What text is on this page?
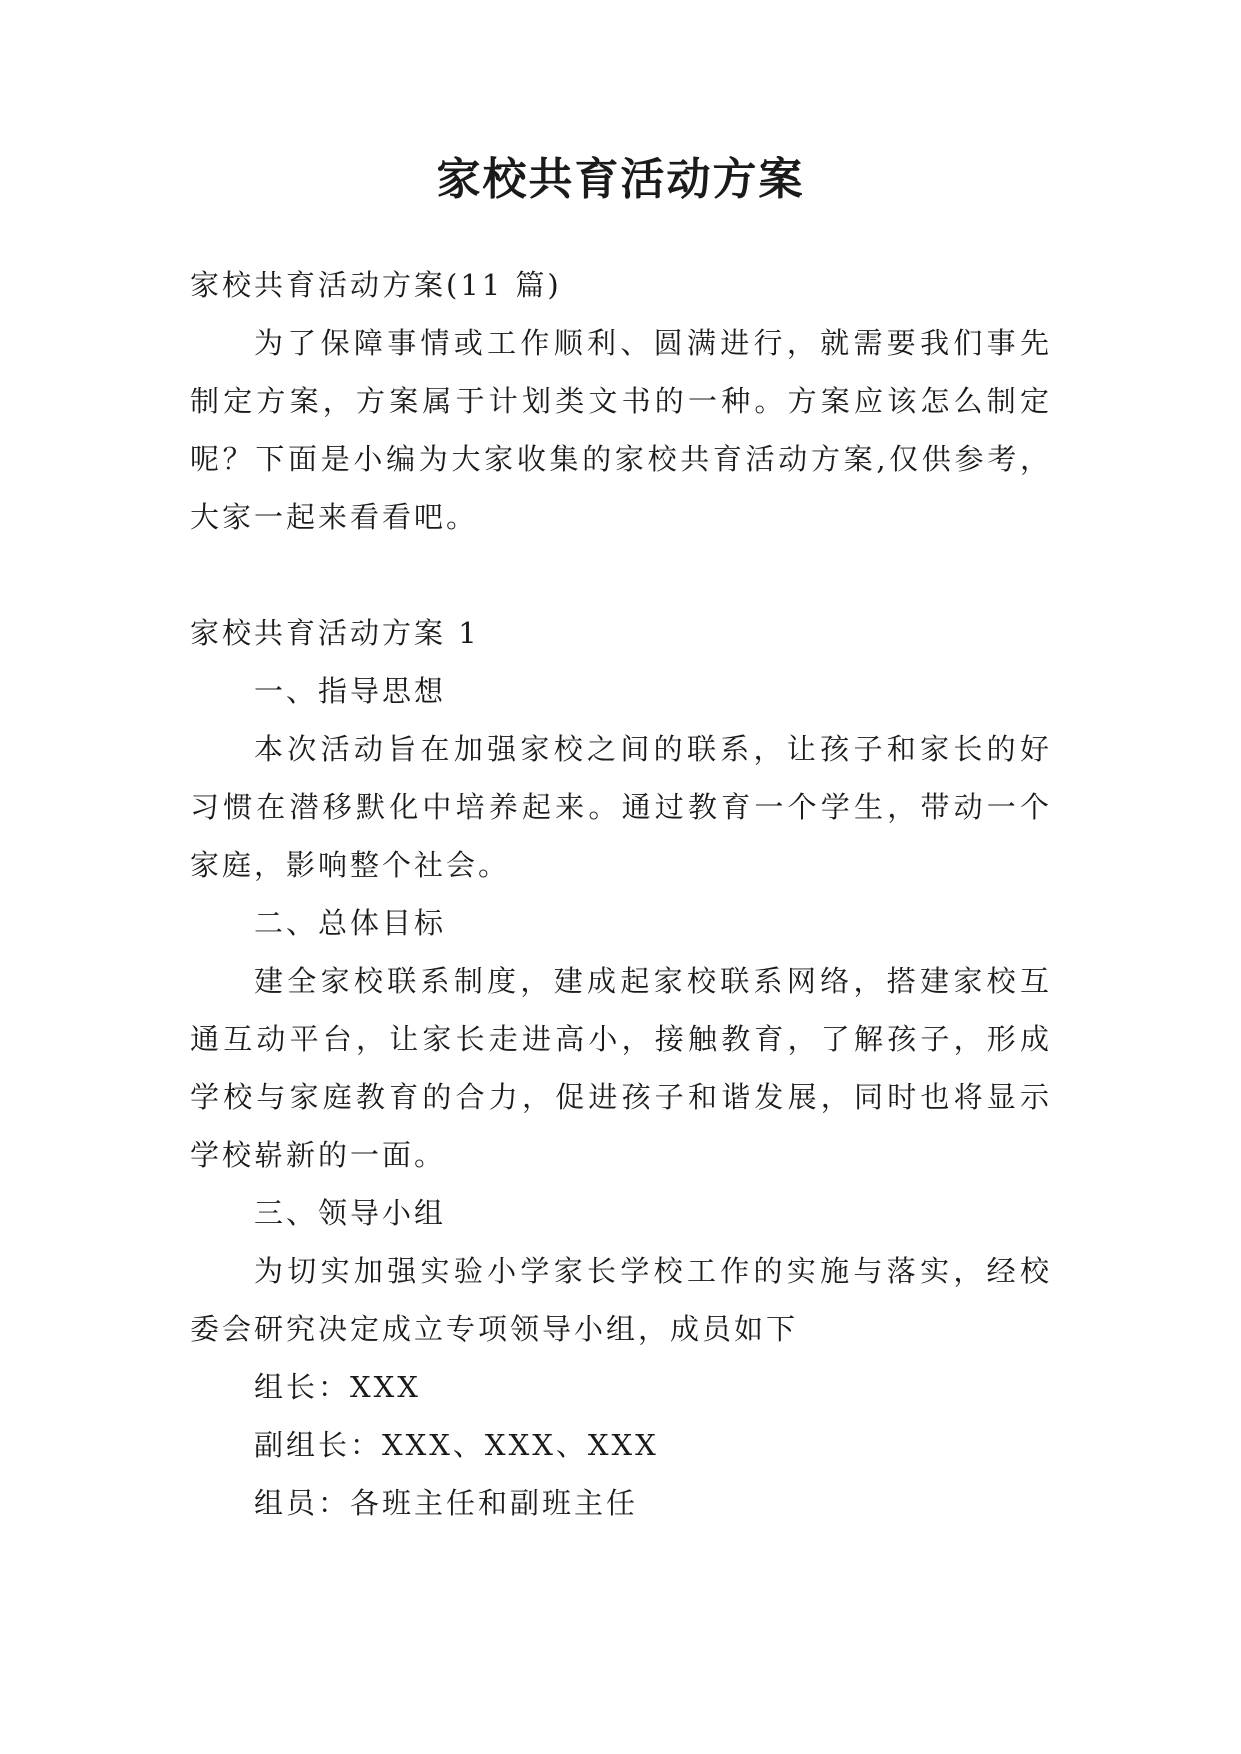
家校共育活动方案

家校共育活动方案(11 篇)

为了保障事情或工作顺利、圆满进行，就需要我们事先制定方案，方案属于计划类文书的一种。方案应该怎么制定呢？下面是小编为大家收集的家校共育活动方案,仅供参考，大家一起来看看吧。

家校共育活动方案 1

一、指导思想

本次活动旨在加强家校之间的联系，让孩子和家长的好习惯在潜移默化中培养起来。通过教育一个学生，带动一个家庭，影响整个社会。

二、总体目标

建全家校联系制度，建成起家校联系网络，搭建家校互通互动平台，让家长走进高小，接触教育，了解孩子，形成学校与家庭教育的合力，促进孩子和谐发展，同时也将显示学校崭新的一面。

三、领导小组

为切实加强实验小学家长学校工作的实施与落实，经校委会研究决定成立专项领导小组，成员如下

组长：XXX

副组长：XXX、XXX、XXX

组员：各班主任和副班主任
